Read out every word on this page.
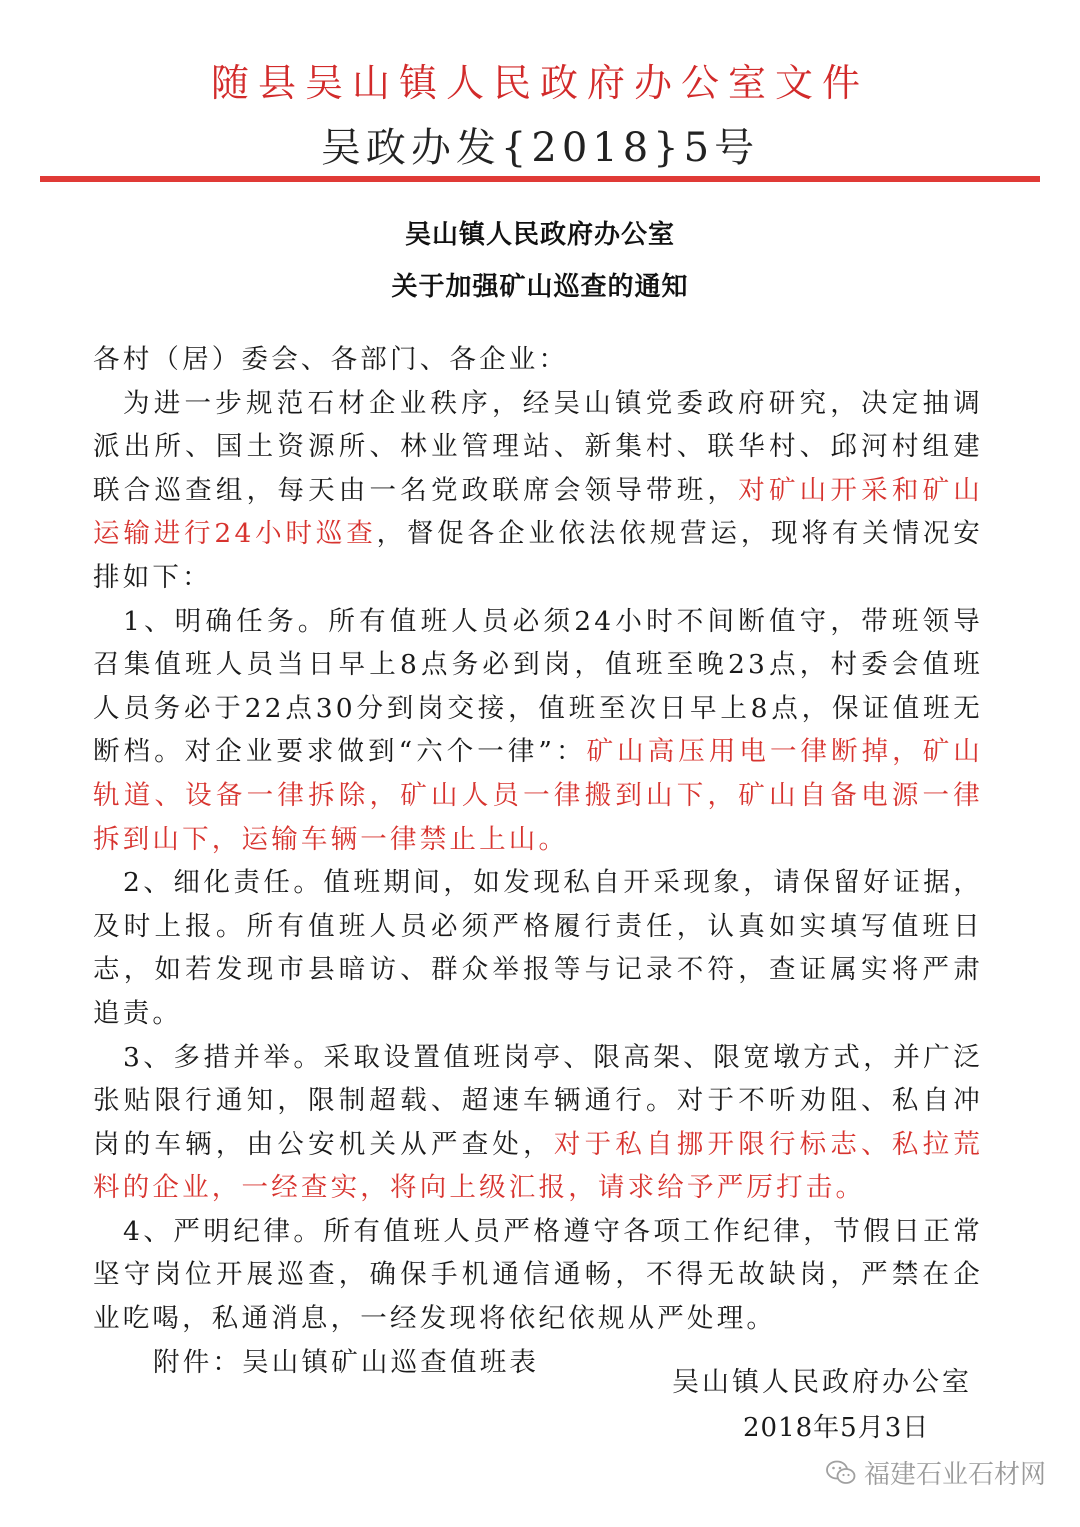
随县吴山镇人民政府办公室文件
吴政办发{2018}5号
吴山镇人民政府办公室
关于加强矿山巡查的通知

各村（居）委会、各部门、各企业：

为进一步规范石材企业秩序，经吴山镇党委政府研究，决定抽调派出所、国土资源所、林业管理站、新集村、联华村、邱河村组建联合巡查组，每天由一名党政联席会领导带班，对矿山开采和矿山运输进行24小时巡查，督促各企业依法依规营运，现将有关情况安排如下：

1、明确任务。所有值班人员必须24小时不间断值守，带班领导召集值班人员当日早上8点务必到岗，值班至晚23点，村委会值班人员务必于22点30分到岗交接，值班至次日早上8点，保证值班无断档。对企业要求做到“六个一律”：矿山高压用电一律断掉，矿山轨道、设备一律拆除，矿山人员一律搬到山下，矿山自备电源一律拆到山下，运输车辆一律禁止上山。

2、细化责任。值班期间，如发现私自开采现象，请保留好证据，及时上报。所有值班人员必须严格履行责任，认真如实填写值班日志，如若发现市县暗访、群众举报等与记录不符，查证属实将严肃追责。

3、多措并举。采取设置值班岗亭、限高架、限宽墩方式，并广泛张贴限行通知，限制超载、超速车辆通行。对于不听劝阻、私自冲岗的车辆，由公安机关从严查处，对于私自挪开限行标志、私拉荒料的企业，一经查实，将向上级汇报，请求给予严厉打击。

4、严明纪律。所有值班人员严格遵守各项工作纪律，节假日正常坚守岗位开展巡查，确保手机通信通畅，不得无故缺岗，严禁在企业吃喝，私通消息，一经发现将依纪依规从严处理。

附件：吴山镇矿山巡查值班表

吴山镇人民政府办公室
2018年5月3日
福建石业石材网
